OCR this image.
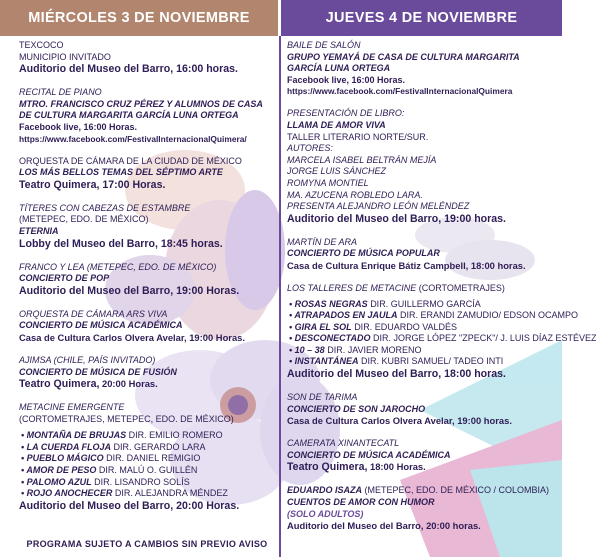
MIÉRCOLES 3 DE NOVIEMBRE	JUEVES 4 DE NOVIEMBRE
TEXCOCO
MUNICIPIO INVITADO
Auditorio del Museo del Barro, 16:00 horas.
RECITAL DE PIANO
MTRO. FRANCISCO CRUZ PÉREZ Y ALUMNOS DE CASA
DE CULTURA MARGARITA GARCÍA LUNA ORTEGA
Facebook live, 16:00 Horas.
https://www.facebook.com/FestivalInternacionalQuimera/
ORQUESTA DE CÁMARA DE LA CIUDAD DE MÉXICO
LOS MÁS BELLOS TEMAS DEL SÉPTIMO ARTE
Teatro Quimera, 17:00 Horas.
TÍTERES CON CABEZAS DE ESTAMBRE
(METEPEC, EDO. DE MÉXICO)
ETERNIA
Lobby del Museo del Barro, 18:45 horas.
FRANCO Y LEA (METEPEC, EDO. DE MÉXICO)
CONCIERTO DE POP
Auditorio del Museo del Barro, 19:00 Horas.
ORQUESTA DE CÁMARA ARS VIVA
CONCIERTO DE MÚSICA ACADÉMICA
Casa de Cultura Carlos Olvera Avelar, 19:00 Horas.
AJIMSA (CHILE, PAÍS INVITADO)
CONCIERTO DE MÚSICA DE FUSIÓN
Teatro Quimera, 20:00 Horas.
METACINE EMERGENTE
(CORTOMETRAJES, METEPEC, EDO. DE MÉXICO)
• MONTAÑA DE BRUJAS DIR. EMILIO ROMERO
• LA CUERDA FLOJA DIR. GERARDO LARA
• PUEBLO MÁGICO DIR. DANIEL REMIGIO
• AMOR DE PESO DIR. MALÚ O. GUILLÉN
• PALOMO AZUL DIR. LISANDRO SOLÍS
• ROJO ANOCHECER DIR. ALEJANDRA MÉNDEZ
Auditorio del Museo del Barro, 20:00 Horas.
PROGRAMA SUJETO A CAMBIOS SIN PREVIO AVISO
BAILE DE SALÓN
GRUPO YEMAYÁ DE CASA DE CULTURA MARGARITA
GARCÍA LUNA ORTEGA
Facebook live, 16:00 Horas.
https://www.facebook.com/FestivalInternacionalQuimera
PRESENTACIÓN DE LIBRO:
LLAMA DE AMOR VIVA
TALLER LITERARIO NORTE/SUR.
AUTORES:
MARCELA ISABEL BELTRÁN MEJÍA
JORGE LUIS SÁNCHEZ
ROMYNA MONTIEL
MA. AZUCENA ROBLEDO LARA.
PRESENTA ALEJANDRO LEÓN MELÉNDEZ
Auditorio del Museo del Barro, 19:00 horas.
MARTÍN DE ARA
CONCIERTO DE MÚSICA POPULAR
Casa de Cultura Enrique Bátiz Campbell, 18:00 horas.
LOS TALLERES DE METACINE (CORTOMETRAJES)
• ROSAS NEGRAS DIR. GUILLERMO GARCÍA
• ATRAPADOS EN JAULA DIR. ERANDI ZAMUDIO/ EDSON OCAMPO
• GIRA EL SOL DIR. EDUARDO VALDÉS
• DESCONECTADO DIR. JORGE LÓPEZ "ZPECK"/ J. LUIS DÍAZ ESTÉVEZ
• 10 – 38 DIR. JAVIER MORENO
• INSTANTÁNEA DIR. KUBRI SAMUEL/ TADEO INTI
Auditorio del Museo del Barro, 18:00 horas.
SON DE TARIMA
CONCIERTO DE SON JAROCHO
Casa de Cultura Carlos Olvera Avelar, 19:00 horas.
CAMERATA XINANTECATL
CONCIERTO DE MÚSICA ACADÉMICA
Teatro Quimera, 18:00 Horas.
EDUARDO ISAZA (METEPEC, EDO. DE MÉXICO / COLOMBIA)
CUENTOS DE AMOR CON HUMOR
(SOLO ADULTOS)
Auditorio del Museo del Barro, 20:00 horas.
